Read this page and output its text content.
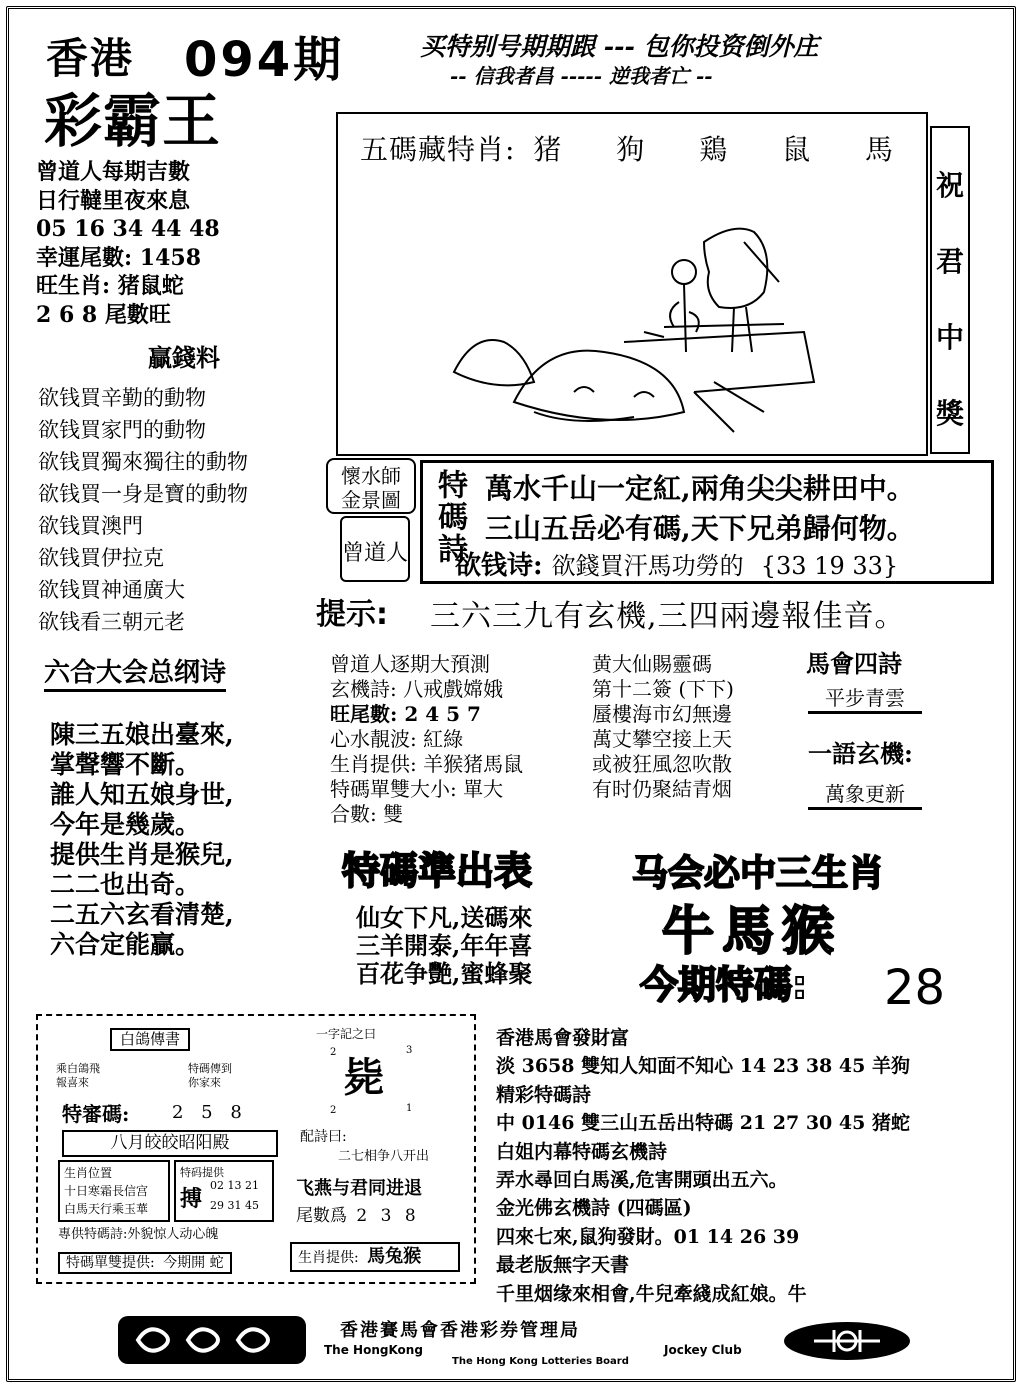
香港 094期
彩霸王
买特别号期期跟 --- 包你投资倒外庄
-- 信我者昌 ----- 逆我者亡 --
曾道人每期吉數
日行韃里夜來息
05 16 34 44 48
幸運尾數: 1458
旺生肖: 猪鼠蛇
2 6 8 尾數旺
贏錢料
欲钱買辛勤的動物
欲钱買家門的動物
欲钱買獨來獨往的動物
欲钱買一身是寶的動物
欲钱買澳門
欲钱買伊拉克
欲钱買神通廣大
欲钱看三朝元老
六合大会总纲诗
陳三五娘出臺來,
掌聲響不斷。
誰人知五娘身世,
今年是幾歲。
提供生肖是猴兒,
二二也出奇。
二五六玄看清楚,
六合定能贏。
五碼藏特肖: 猪 狗 鶏 鼠 馬
祝
君
中
獎
懷水師金景圖
曾道人 特碼詩 萬水千山一定紅,兩角尖尖耕田中。
三山五岳必有碼,天下兄弟歸何物。
欲钱诗: 欲錢買汗馬功勞的 {33 19 33}
提示: 三六三九有玄機,三四兩邊報佳音。
曾道人逐期大預測
玄機詩: 八戒戲嫦娥
旺尾數: 2 4 5 7
心水靚波: 紅綠
生肖提供: 羊猴猪馬鼠
特碼單雙大小: 單大
合數: 雙
黄大仙賜靈碼
第十二簽 (下下)
蜃樓海市幻無邊
萬丈攀空接上天
或被狂風忽吹散
有时仍聚結青烟
馬會四詩
平步青雲
一語玄機:
萬象更新
特碼準出表
仙女下凡,送碼來
三羊開泰,年年喜
百花争艷,蜜蜂聚
马会必中三生肖
牛馬猴
今期特碼: 28
白鴿傳書
乘白鴿飛
報喜來
特碼傳到
你家來
特審碼: 2 5 8
八月皎皎昭阳殿
生肖位置
十日寒霜長信宫
白馬天行乘玉華
特码提供
搏
02 13 21
29 31 45
專供特碼詩:外貌惊人动心魄
特碼單雙提供: 今期開 蛇
一字記之曰
2	3
毙
2	1
配詩曰:
二七相争八开出
飞燕与君同进退
尾數爲 2 3 8
生肖提供: 馬兔猴
香港馬會發財富
淡 3658 雙知人知面不知心 14 23 38 45 羊狗
精彩特碼詩
中 0146 雙三山五岳出特碼 21 27 30 45 猪蛇
白姐内幕特碼玄機詩
弄水尋回白馬溪,危害開頭出五六。
金光佛玄機詩 (四碼區)
四來七來,鼠狗發財。01 14 26 39
最老版無字天書
千里烟缘來相會,牛兒牽綫成紅娘。牛
香港賽馬會香港彩券管理局
The HongKong	Jockey Club
The Hong Kong Lotteries Board
